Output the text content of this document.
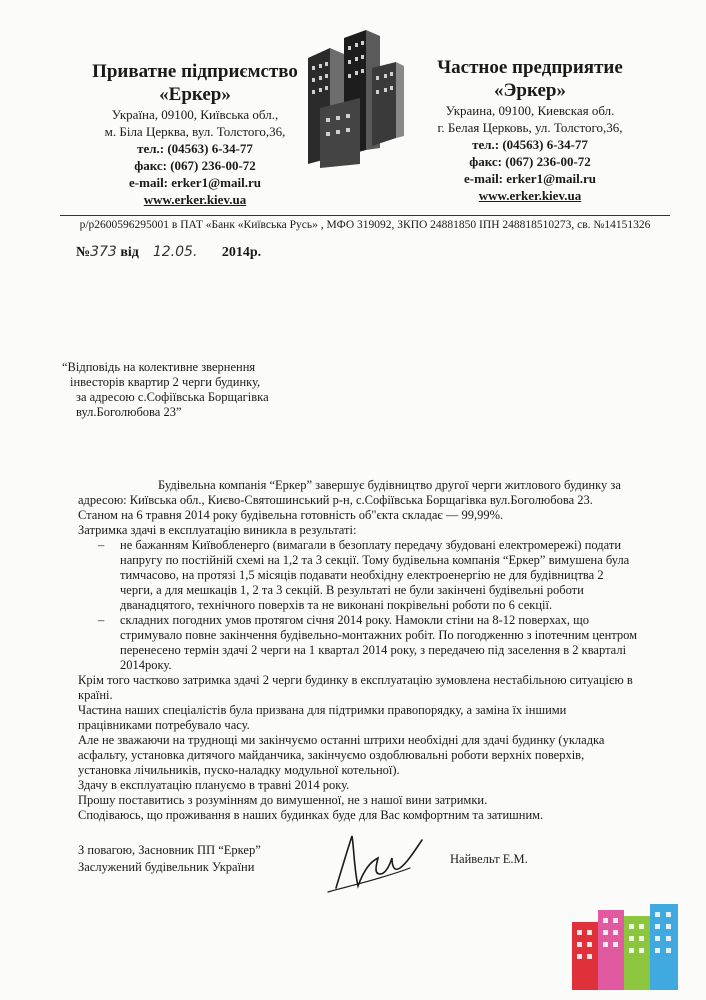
Приватне підприємство
«Еркер»
Україна, 09100, Київська обл.,
м. Біла Церква, вул. Толстого,36,
тел.: (04563) 6-34-77
факс: (067) 236-00-72
e-mail: erker1@mail.ru
www.erker.kiev.ua
Частное предприятие
«Эркер»
Украина, 09100, Киевская обл.
г. Белая Церковь, ул. Толстого,36,
тел.: (04563) 6-34-77
факс: (067) 236-00-72
e-mail: erker1@mail.ru
www.erker.kiev.ua
р/р2600596295001 в ПАТ «Банк «Київська Русь» , МФО 319092, ЗКПО 24881850 ІПН 248818510273, св. №14151326
№373 від 12.05. 2014р.
“Відповідь на колективне звернення
інвесторів квартир 2 черги будинку,
за адресою с.Софіївська Борщагівка
вул.Боголюбова 23”

Будівельна компанія “Еркер” завершує будівництво другої черги житлового будинку за адресою: Київська обл., Києво-Святошинський р-н, с.Софіївська Борщагівка вул.Боголюбова 23.

Станом на 6 травня 2014 року будівельна готовність об"єкта складає — 99,99%.

Затримка здачі в експлуатацію виникла в результаті:

– не бажанням Київобленерго (вимагали в безоплату передачу збудовані електромережі) подати напругу по постійній схемі на 1,2 та 3 секції. Тому будівельна компанія “Еркер” вимушена була тимчасово, на протязі 1,5 місяців подавати необхідну електроенергію не для будівництва 2 черги, а для мешкаців 1, 2 та 3 секцій. В результаті не були закінчені будівельні роботи дванадцятого, технічного поверхів та не виконані покрівельні роботи по 6 секції.

– складних погодних умов протягом січня 2014 року. Намокли стіни на 8-12 поверхах, що стримувало повне закінчення будівельно-монтажних робіт. По погодженню з іпотечним центром перенесено термін здачі 2 черги на 1 квартал 2014 року, з передачею під заселення в 2 кварталі 2014року.

Крім того частково затримка здачі 2 черги будинку в експлуатацію зумовлена нестабільною ситуацією в країні.

Частина наших спеціалістів була призвана для підтримки правопорядку, а заміна їх іншими працівниками потребувало часу.

Але не зважаючи на труднощі ми закінчуємо останні штрихи необхідні для здачі будинку (укладка асфальту, установка дитячого майданчика, закінчуємо оздоблювальні роботи верхніх поверхів, установка лічильників, пуско-наладку модульної котельної).

Здачу в експлуатацію плануємо в травні 2014 року.

Прошу поставитись з розумінням до вимушенної, не з нашої вини затримки.

Сподіваюсь, що проживання в наших будинках буде для Вас комфортним та затишним.

З повагою, Засновник ПП “Еркер”
Заслужений будівельник України
Найвельт Е.М.
